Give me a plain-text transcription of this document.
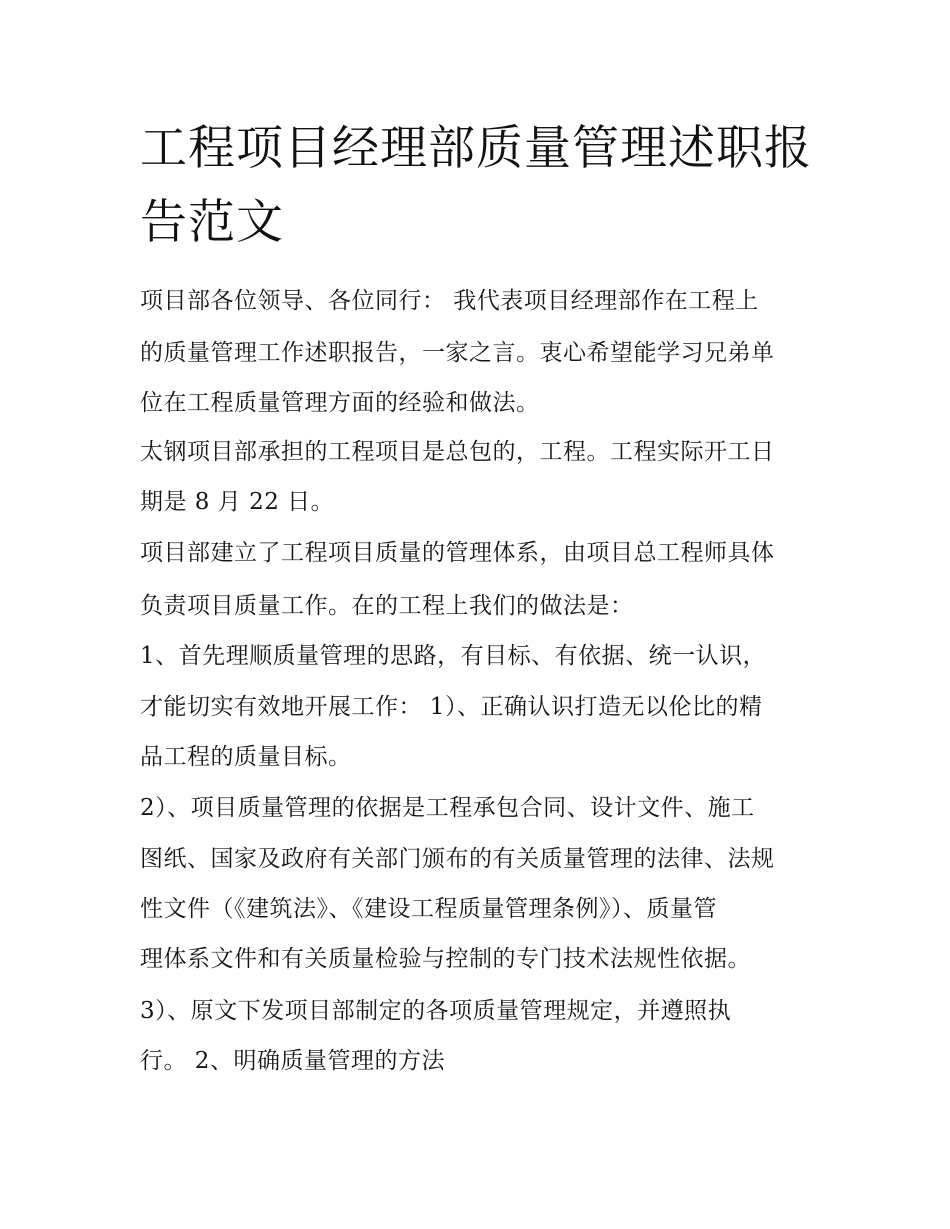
工程项目经理部质量管理述职报告范文

项目部各位领导、各位同行： 我代表项目经理部作在工程上

的质量管理工作述职报告，一家之言。衷心希望能学习兄弟单

位在工程质量管理方面的经验和做法。

太钢项目部承担的工程项目是总包的，工程。工程实际开工日

期是 8 月 22 日。

项目部建立了工程项目质量的管理体系，由项目总工程师具体

负责项目质量工作。在的工程上我们的做法是：

1、首先理顺质量管理的思路，有目标、有依据、统一认识，

才能切实有效地开展工作： 1）、正确认识打造无以伦比的精

品工程的质量目标。

2）、项目质量管理的依据是工程承包合同、设计文件、施工

图纸、国家及政府有关部门颁布的有关质量管理的法律、法规

性文件（《建筑法》、《建设工程质量管理条例》）、质量管

理体系文件和有关质量检验与控制的专门技术法规性依据。

3）、原文下发项目部制定的各项质量管理规定，并遵照执

行。 2、明确质量管理的方法
